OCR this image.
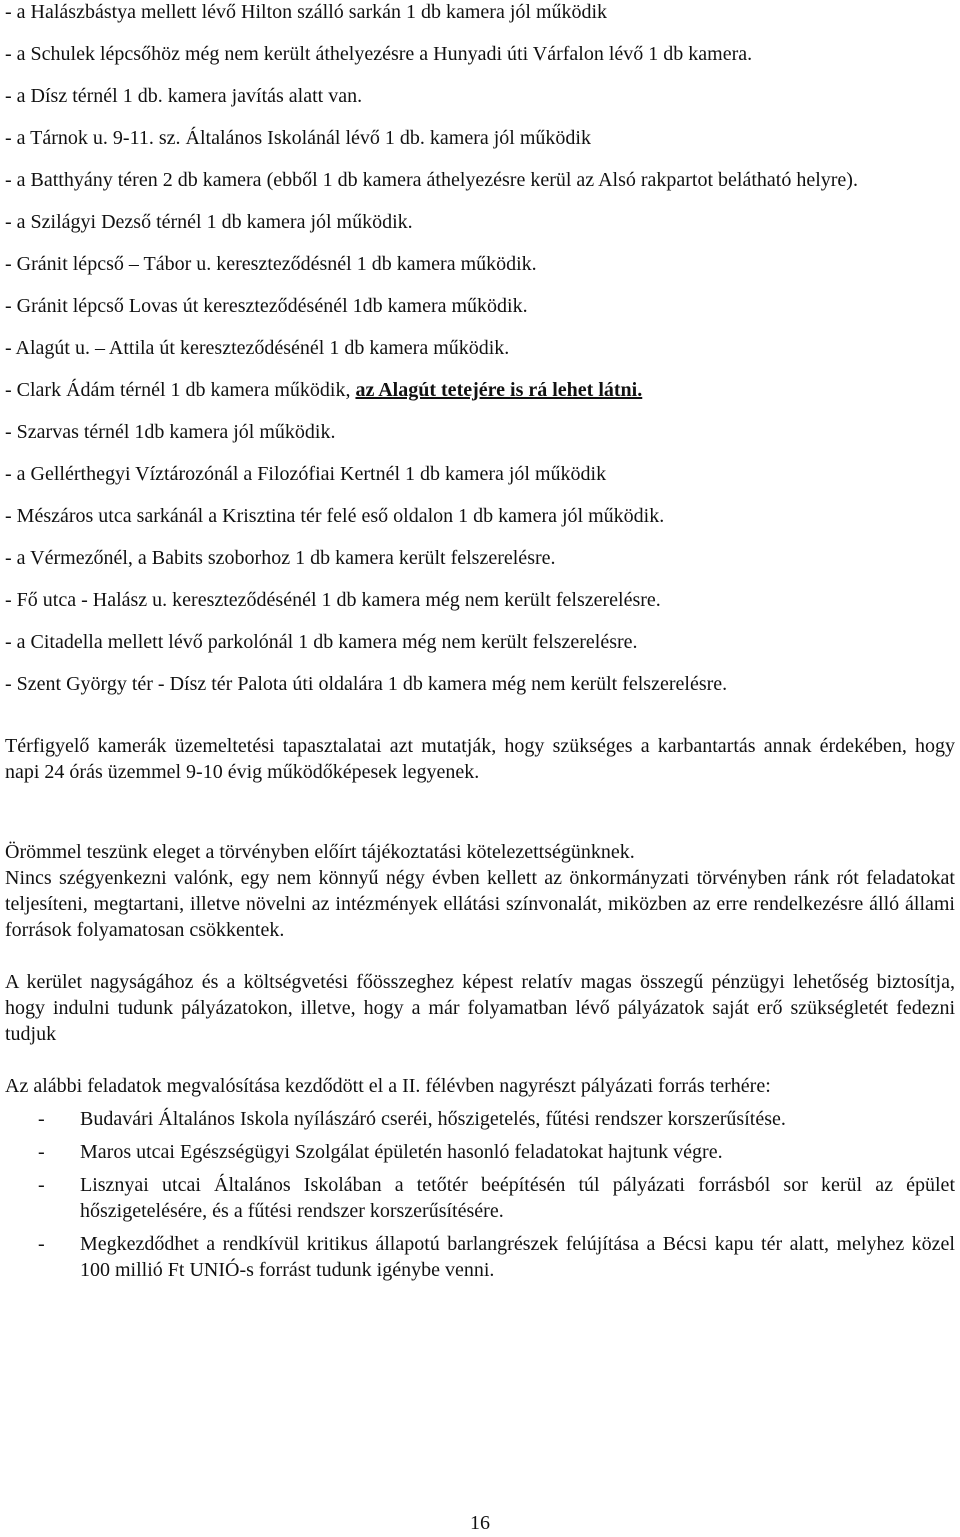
- a Halászbástya mellett lévő Hilton szálló sarkán 1 db kamera jól működik
- a Schulek lépcsőhöz még nem került áthelyezésre a Hunyadi úti Várfalon lévő 1 db kamera.
- a Dísz térnél 1 db. kamera javítás alatt van.
- a Tárnok u. 9-11. sz. Általános Iskolánál lévő 1 db. kamera jól működik
- a Batthyány téren 2 db kamera (ebből 1 db kamera áthelyezésre kerül az Alsó rakpartot belátható helyre).
- a Szilágyi Dezső térnél 1 db kamera jól működik.
- Gránit lépcső – Tábor u. kereszteződésnél 1 db kamera működik.
- Gránit lépcső Lovas út kereszteződésénél 1db kamera működik.
- Alagút u. – Attila út kereszteződésénél 1 db kamera működik.
- Clark Ádám térnél 1 db kamera működik, az Alagút tetejére is rá lehet látni.
- Szarvas térnél 1db kamera jól működik.
- a Gellérthegyi Víztározónál a Filozófiai Kertnél 1 db kamera jól működik
- Mészáros utca sarkánál a Krisztina tér felé eső oldalon 1 db kamera jól működik.
- a Vérmezőnél, a Babits szoborhoz 1 db kamera került felszerelésre.
- Fő utca - Halász u. kereszteződésénél 1 db kamera még nem került felszerelésre.
- a Citadella mellett lévő parkolónál 1 db kamera még nem került felszerelésre.
- Szent György tér - Dísz tér Palota úti oldalára 1 db kamera még nem került felszerelésre.

Térfigyelő kamerák üzemeltetési tapasztalatai azt mutatják, hogy szükséges a karbantartás annak érdekében, hogy napi 24 órás üzemmel 9-10 évig működőképesek legyenek.

Örömmel teszünk eleget a törvényben előírt tájékoztatási kötelezettségünknek.

Nincs szégyenkezni valónk, egy nem könnyű négy évben kellett az önkormányzati törvényben ránk rót feladatokat teljesíteni, megtartani, illetve növelni az intézmények ellátási színvonalát, miközben az erre rendelkezésre álló állami források folyamatosan csökkentek.

A kerület nagyságához és a költségvetési főösszeghez képest relatív magas összegű pénzügyi lehetőség biztosítja, hogy indulni tudunk pályázatokon, illetve, hogy a már folyamatban lévő pályázatok saját erő szükségletét fedezni tudjuk

Az alábbi feladatok megvalósítása kezdődött el a II. félévben nagyrészt pályázati forrás terhére:

- Budavári Általános Iskola nyílászáró cseréi, hőszigetelés, fűtési rendszer korszerűsítése.
- Maros utcai Egészségügyi Szolgálat épületén hasonló feladatokat hajtunk végre.
- Lisznyai utcai Általános Iskolában a tetőtér beépítésén túl pályázati forrásból sor kerül az épület hőszigetelésére, és a fűtési rendszer korszerűsítésére.
- Megkezdődhet a rendkívül kritikus állapotú barlangrészek felújítása a Bécsi kapu tér alatt, melyhez közel 100 millió Ft UNIÓ-s forrást tudunk igénybe venni.
16
